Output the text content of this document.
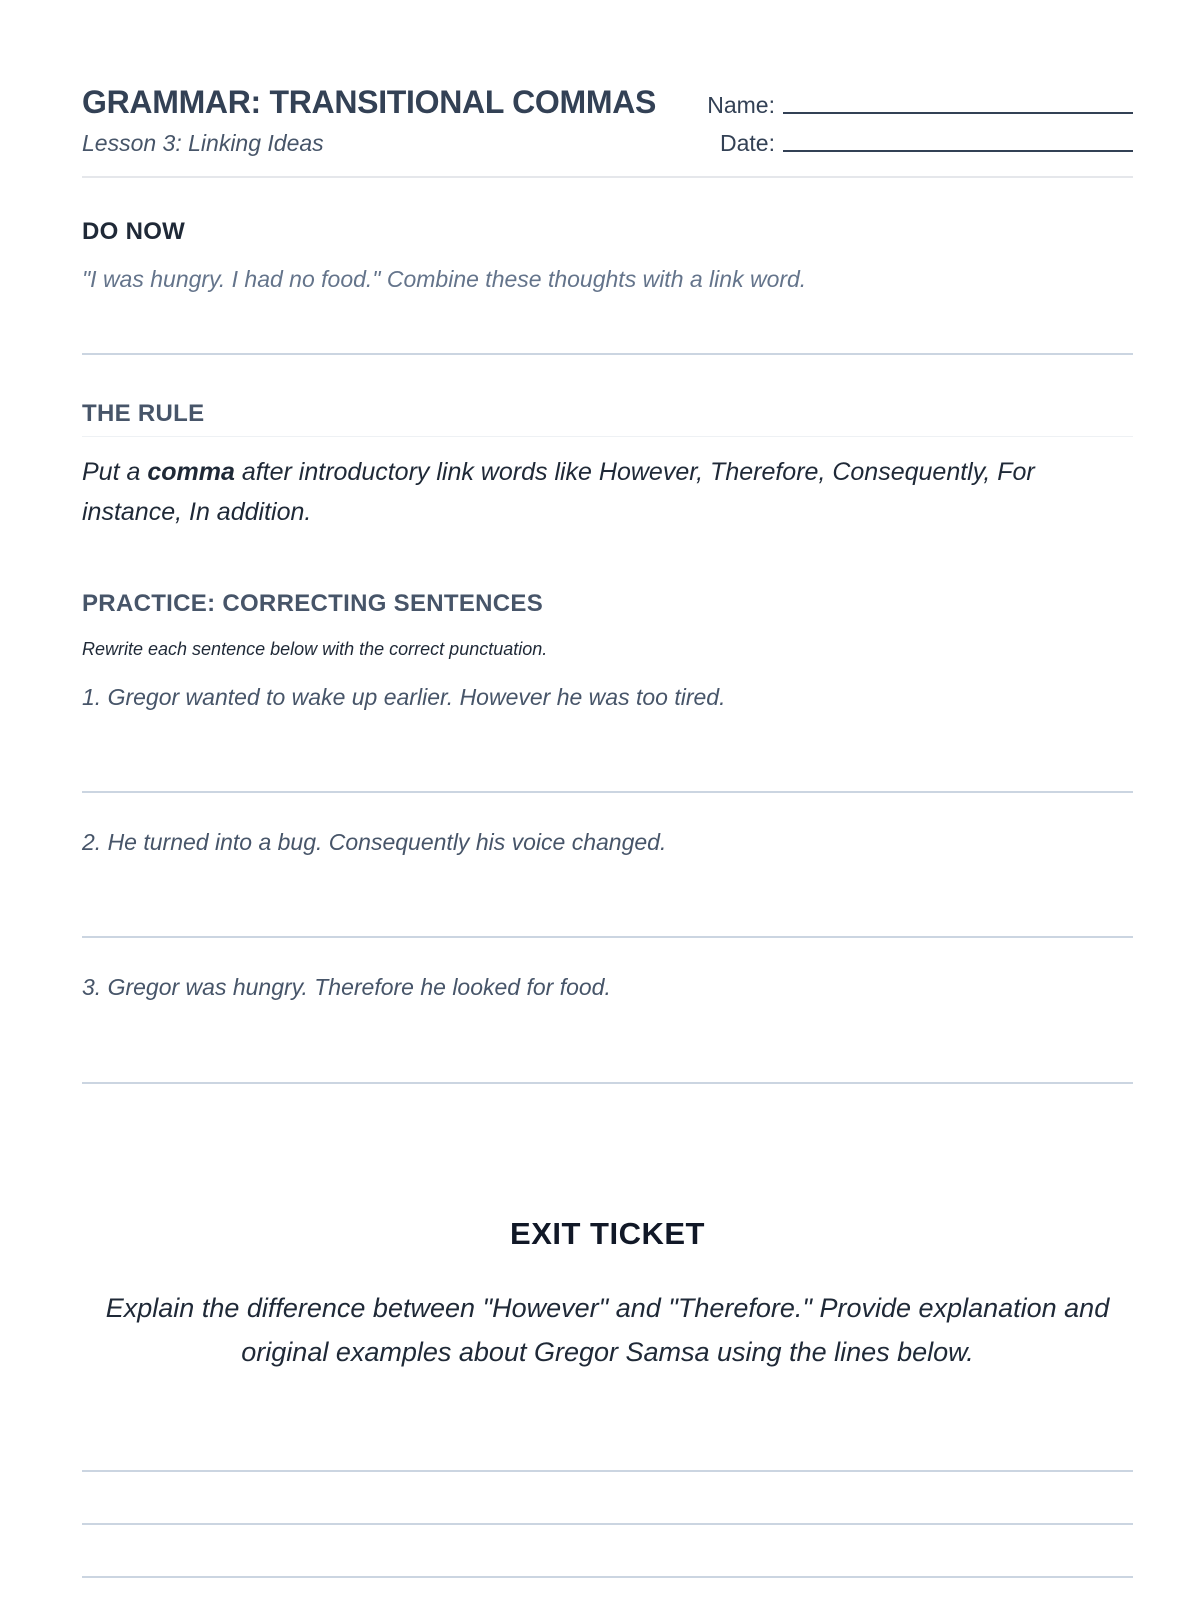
GRAMMAR: TRANSITIONAL COMMAS
Lesson 3: Linking Ideas
Name:
Date:
DO NOW
"I was hungry. I had no food." Combine these thoughts with a link word.
THE RULE
Put a comma after introductory link words like However, Therefore, Consequently, For instance, In addition.
PRACTICE: CORRECTING SENTENCES
Rewrite each sentence below with the correct punctuation.
1. Gregor wanted to wake up earlier. However he was too tired.
2. He turned into a bug. Consequently his voice changed.
3. Gregor was hungry. Therefore he looked for food.
EXIT TICKET
Explain the difference between "However" and "Therefore." Provide explanation and original examples about Gregor Samsa using the lines below.
